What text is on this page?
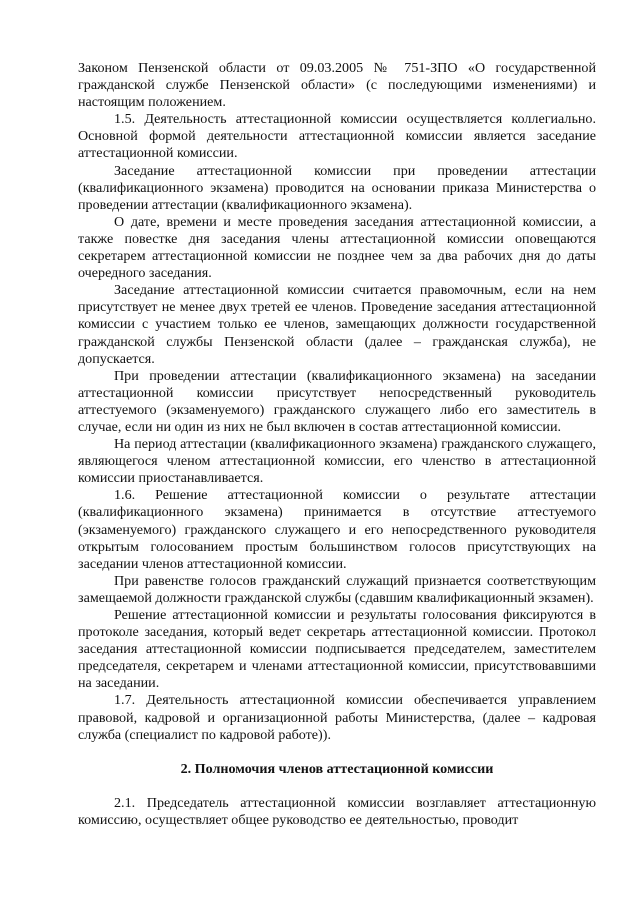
Законом Пензенской области от 09.03.2005 № 751-ЗПО «О государственной гражданской службе Пензенской области» (с последующими изменениями) и настоящим положением.

1.5. Деятельность аттестационной комиссии осуществляется коллегиально. Основной формой деятельности аттестационной комиссии является заседание аттестационной комиссии.

Заседание аттестационной комиссии при проведении аттестации (квалификационного экзамена) проводится на основании приказа Министерства о проведении аттестации (квалификационного экзамена).

О дате, времени и месте проведения заседания аттестационной комиссии, а также повестке дня заседания члены аттестационной комиссии оповещаются секретарем аттестационной комиссии не позднее чем за два рабочих дня до даты очередного заседания.

Заседание аттестационной комиссии считается правомочным, если на нем присутствует не менее двух третей ее членов. Проведение заседания аттестационной комиссии с участием только ее членов, замещающих должности государственной гражданской службы Пензенской области (далее – гражданская служба), не допускается.

При проведении аттестации (квалификационного экзамена) на заседании аттестационной комиссии присутствует непосредственный руководитель аттестуемого (экзаменуемого) гражданского служащего либо его заместитель в случае, если ни один из них не был включен в состав аттестационной комиссии.

На период аттестации (квалификационного экзамена) гражданского служащего, являющегося членом аттестационной комиссии, его членство в аттестационной комиссии приостанавливается.

1.6. Решение аттестационной комиссии о результате аттестации (квалификационного экзамена) принимается в отсутствие аттестуемого (экзаменуемого) гражданского служащего и его непосредственного руководителя открытым голосованием простым большинством голосов присутствующих на заседании членов аттестационной комиссии.

При равенстве голосов гражданский служащий признается соответствующим замещаемой должности гражданской службы (сдавшим квалификационный экзамен).

Решение аттестационной комиссии и результаты голосования фиксируются в протоколе заседания, который ведет секретарь аттестационной комиссии. Протокол заседания аттестационной комиссии подписывается председателем, заместителем председателя, секретарем и членами аттестационной комиссии, присутствовавшими на заседании.

1.7. Деятельность аттестационной комиссии обеспечивается управлением правовой, кадровой и организационной работы Министерства, (далее – кадровая служба (специалист по кадровой работе)).

2. Полномочия членов аттестационной комиссии

2.1. Председатель аттестационной комиссии возглавляет аттестационную комиссию, осуществляет общее руководство ее деятельностью, проводит
